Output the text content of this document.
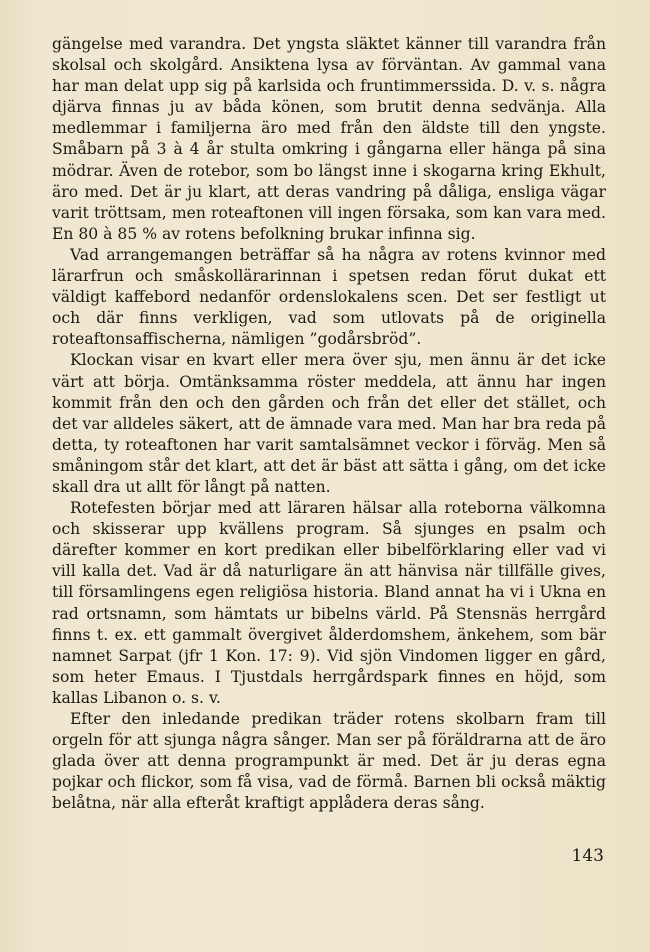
gängelse med varandra. Det yngsta släktet känner till varandra från skolsal och skolgård. Ansiktena lysa av förväntan. Av gammal vana har man delat upp sig på karlsida och fruntimmerssida. D. v. s. några djärva finnas ju av båda könen, som brutit denna sedvänja. Alla medlemmar i familjerna äro med från den äldste till den yngste. Småbarn på 3 à 4 år stulta omkring i gångarna eller hänga på sina mödrar. Även de rotebor, som bo längst inne i skogarna kring Ekhult, äro med. Det är ju klart, att deras vandring på dåliga, ensliga vägar varit tröttsam, men roteaftonen vill ingen försaka, som kan vara med. En 80 à 85 % av rotens befolkning brukar infinna sig.

Vad arrangemangen beträffar så ha några av rotens kvinnor med lärarfrun och småskollärarinnan i spetsen redan förut dukat ett väldigt kaffebord nedanför ordenslokalens scen. Det ser festligt ut och där finns verkligen, vad som utlovats på de originella roteaftonsaffischerna, nämligen ”godårsbröd”.

Klockan visar en kvart eller mera över sju, men ännu är det icke värt att börja. Omtänksamma röster meddela, att ännu har ingen kommit från den och den gården och från det eller det stället, och det var alldeles säkert, att de ämnade vara med. Man har bra reda på detta, ty roteaftonen har varit samtalsämnet veckor i förväg. Men så småningom står det klart, att det är bäst att sätta i gång, om det icke skall dra ut allt för långt på natten.

Rotefesten börjar med att läraren hälsar alla roteborna välkomna och skisserar upp kvällens program. Så sjunges en psalm och därefter kommer en kort predikan eller bibelförklaring eller vad vi vill kalla det. Vad är då naturligare än att hänvisa när tillfälle gives, till församlingens egen religiösa historia. Bland annat ha vi i Ukna en rad ortsnamn, som hämtats ur bibelns värld. På Stensnäs herrgård finns t. ex. ett gammalt övergivet ålderdomshem, änkehem, som bär namnet Sarpat (jfr 1 Kon. 17: 9). Vid sjön Vindomen ligger en gård, som heter Emaus. I Tjustdals herrgårdspark finnes en höjd, som kallas Libanon o. s. v.

Efter den inledande predikan träder rotens skolbarn fram till orgeln för att sjunga några sånger. Man ser på föräldrarna att de äro glada över att denna programpunkt är med. Det är ju deras egna pojkar och flickor, som få visa, vad de förmå. Barnen bli också mäktig belåtna, när alla efteråt kraftigt applådera deras sång.

143
